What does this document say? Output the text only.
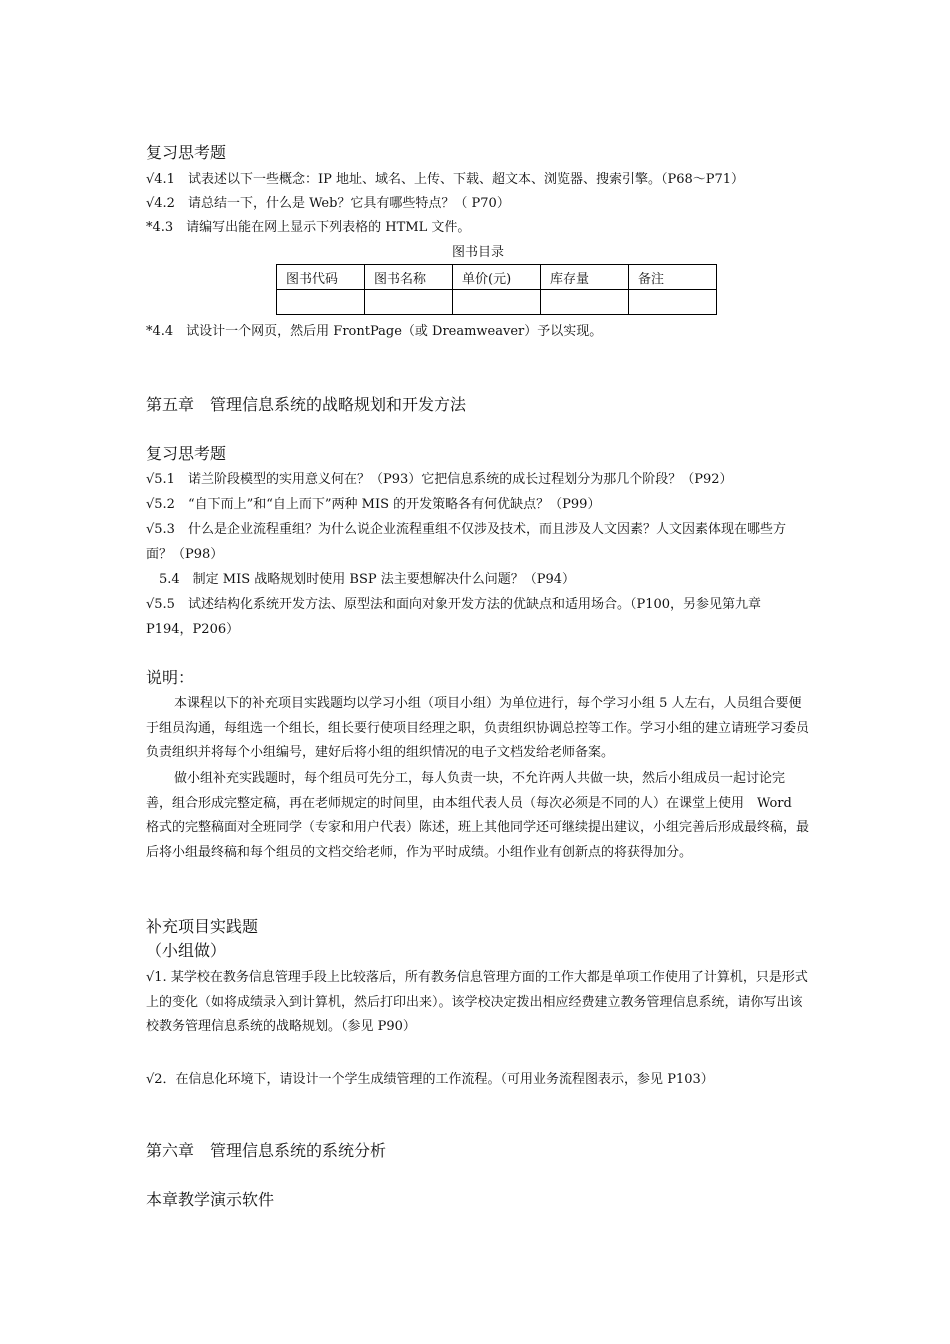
复习思考题
√4.1　试表述以下一些概念：IP 地址、域名、上传、下载、超文本、浏览器、搜索引擎。（P68～P71）
√4.2　请总结一下，什么是 Web？它具有哪些特点？（ P70）
*4.3　请编写出能在网上显示下列表格的 HTML 文件。
图书目录
图书代码	图书名称	单价(元)	库存量	备注

*4.4　试设计一个网页，然后用 FrontPage（或 Dreamweaver）予以实现。
第五章　管理信息系统的战略规划和开发方法
复习思考题
√5.1　诺兰阶段模型的实用意义何在？（P93）它把信息系统的成长过程划分为那几个阶段？（P92）
√5.2　“自下而上”和“自上而下”两种 MIS 的开发策略各有何优缺点？（P99）
√5.3　什么是企业流程重组？为什么说企业流程重组不仅涉及技术，而且涉及人文因素？人文因素体现在哪些方面？（P98）
　5.4　制定 MIS 战略规划时使用 BSP 法主要想解决什么问题？（P94）
√5.5　试述结构化系统开发方法、原型法和面向对象开发方法的优缺点和适用场合。（P100，另参见第九章 P194，P206）
说明：
本课程以下的补充项目实践题均以学习小组（项目小组）为单位进行，每个学习小组 5 人左右，人员组合要便于组员沟通，每组选一个组长，组长要行使项目经理之职，负责组织协调总控等工作。学习小组的建立请班学习委员负责组织并将每个小组编号，建好后将小组的组织情况的电子文档发给老师备案。
做小组补充实践题时，每个组员可先分工，每人负责一块，不允许两人共做一块，然后小组成员一起讨论完善，组合形成完整定稿，再在老师规定的时间里，由本组代表人员（每次必须是不同的人）在课堂上使用　Word　格式的完整稿面对全班同学（专家和用户代表）陈述，班上其他同学还可继续提出建议，小组完善后形成最终稿，最后将小组最终稿和每个组员的文档交给老师，作为平时成绩。小组作业有创新点的将获得加分。
补充项目实践题
（小组做）
√1. 某学校在教务信息管理手段上比较落后，所有教务信息管理方面的工作大都是单项工作使用了计算机，只是形式上的变化（如将成绩录入到计算机，然后打印出来）。该学校决定拨出相应经费建立教务管理信息系统，请你写出该校教务管理信息系统的战略规划。（参见 P90）
√2．在信息化环境下，请设计一个学生成绩管理的工作流程。（可用业务流程图表示，参见 P103）
第六章　管理信息系统的系统分析
本章教学演示软件
